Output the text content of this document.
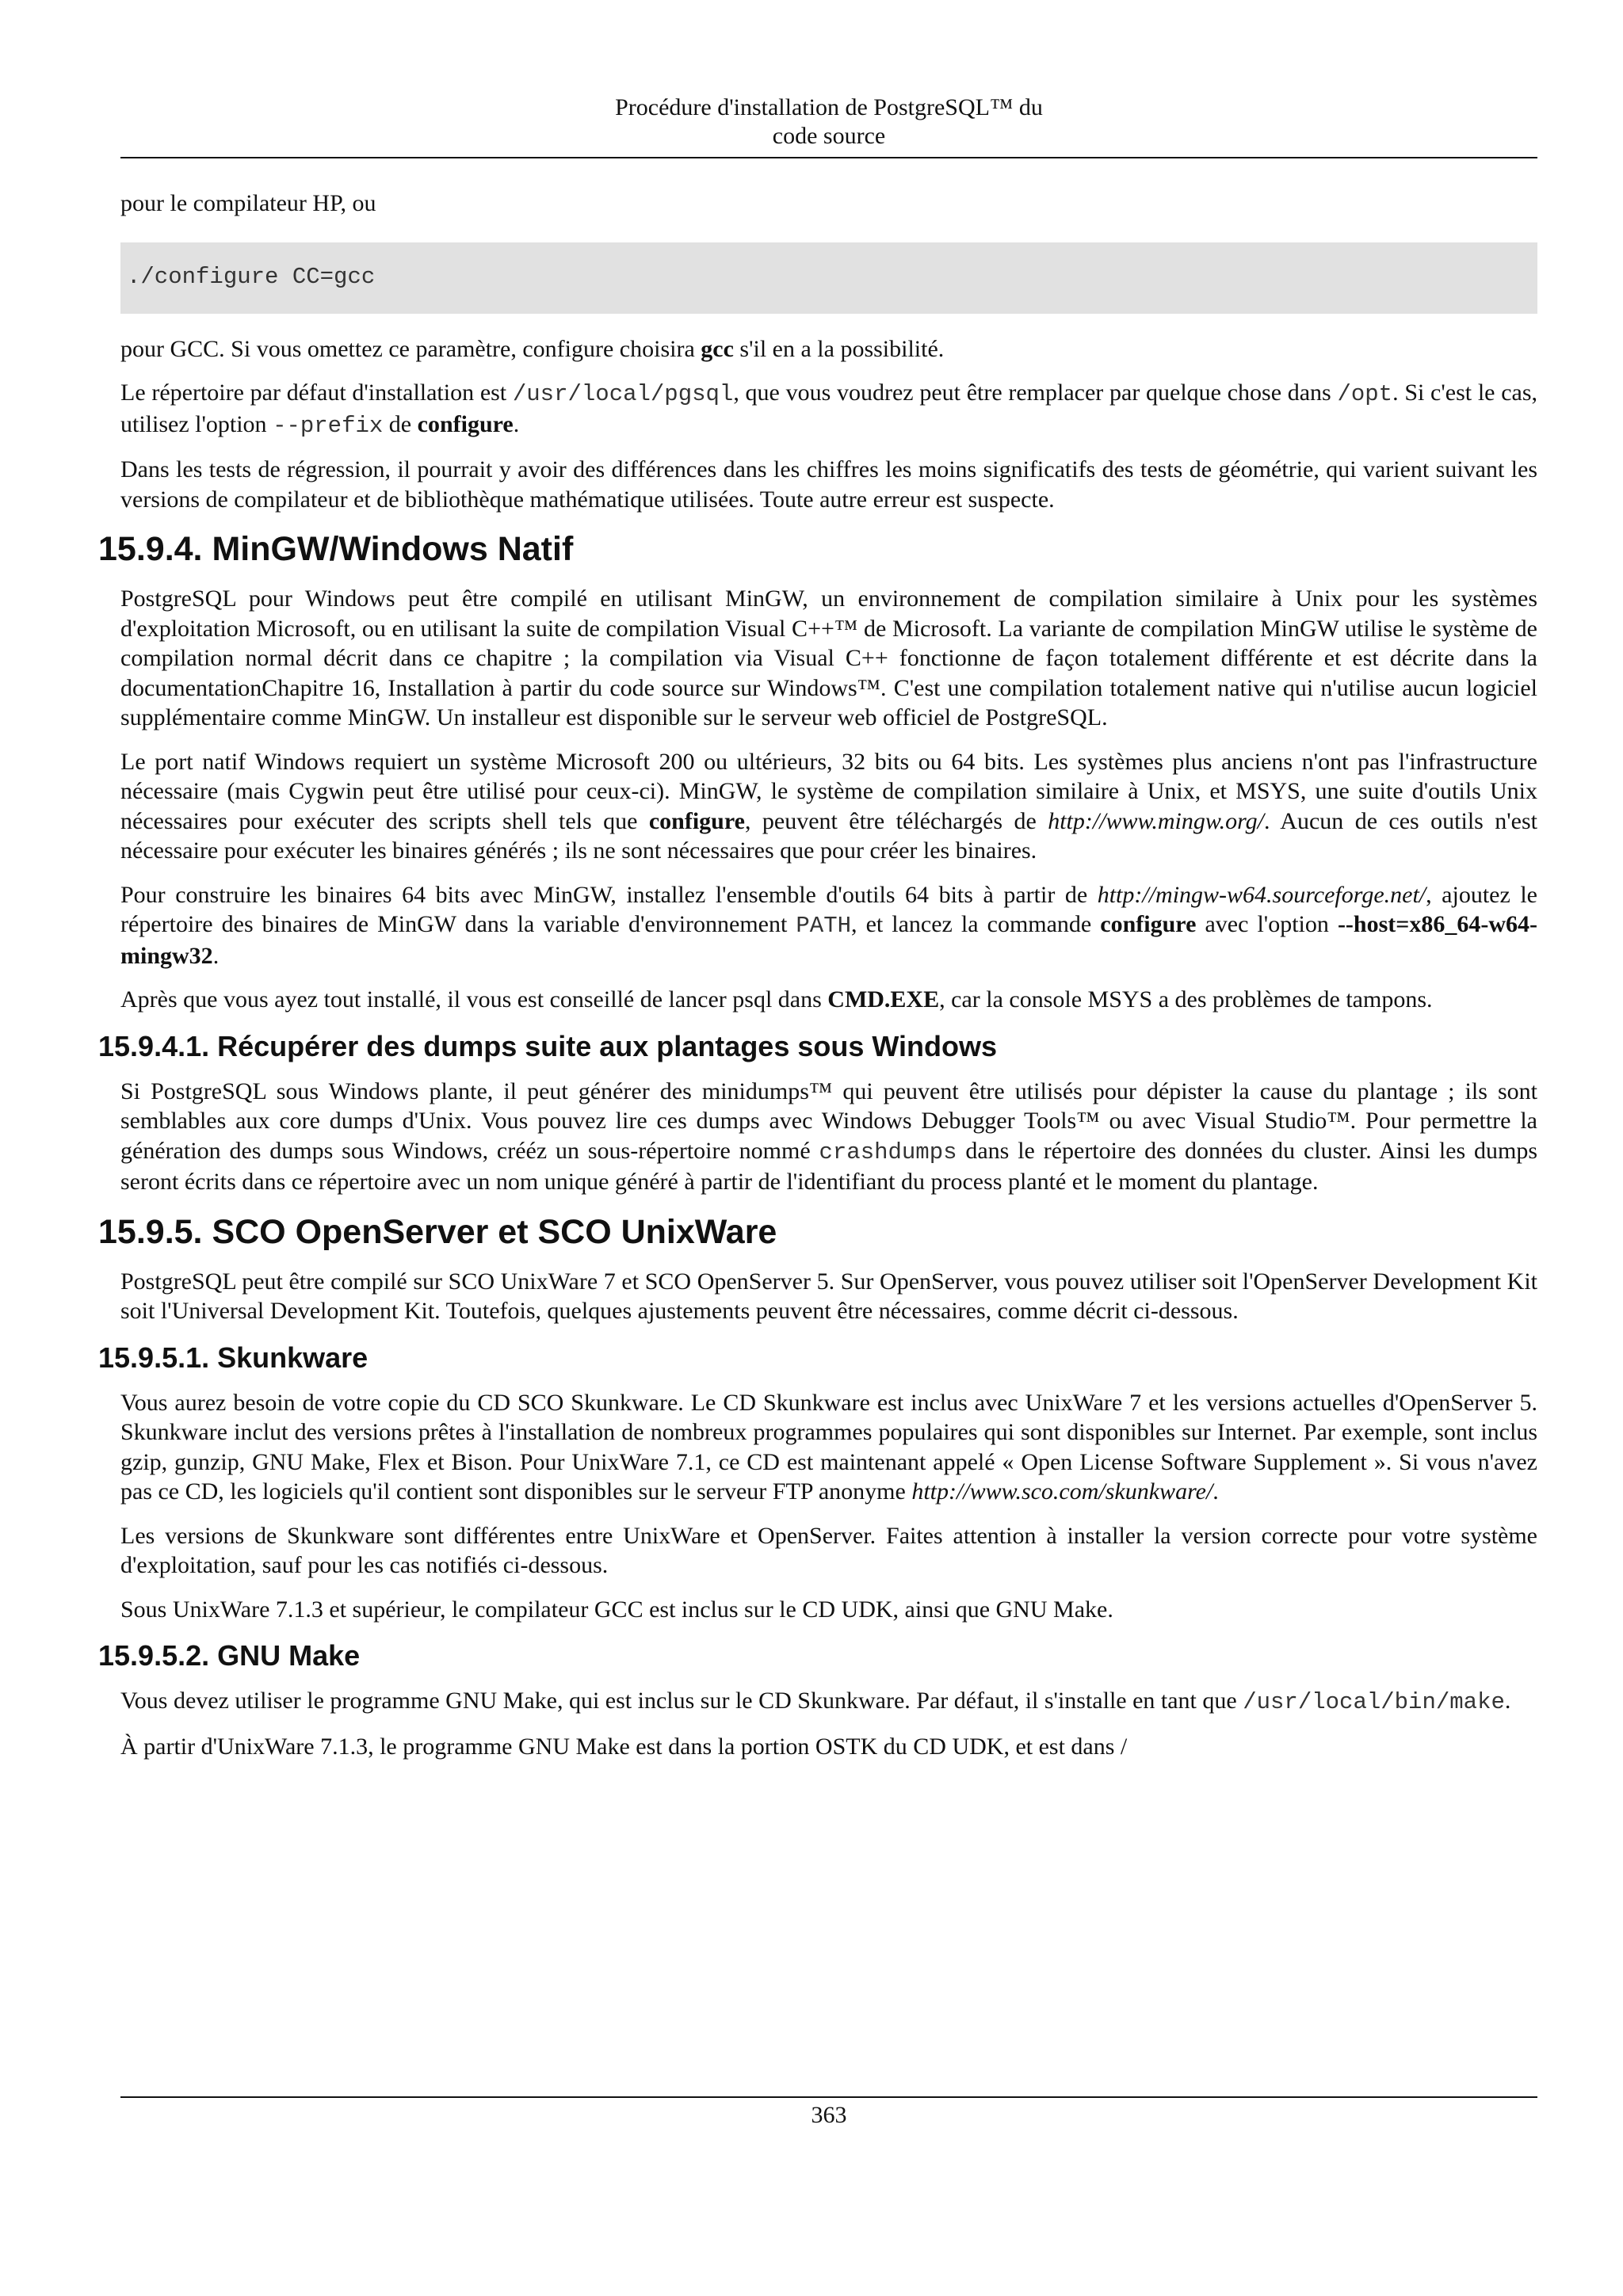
Procédure d'installation de PostgreSQL™ du
code source

pour le compilateur HP, ou

./configure CC=gcc

pour GCC. Si vous omettez ce paramètre, configure choisira gcc s'il en a la possibilité.

Le répertoire par défaut d'installation est /usr/local/pgsql, que vous voudrez peut être remplacer par quelque chose dans /opt. Si c'est le cas, utilisez l'option --prefix de configure.

Dans les tests de régression, il pourrait y avoir des différences dans les chiffres les moins significatifs des tests de géométrie, qui varient suivant les versions de compilateur et de bibliothèque mathématique utilisées. Toute autre erreur est suspecte.

15.9.4. MinGW/Windows Natif

PostgreSQL pour Windows peut être compilé en utilisant MinGW, un environnement de compilation similaire à Unix pour les systèmes d'exploitation Microsoft, ou en utilisant la suite de compilation Visual C++™ de Microsoft. La variante de compilation MinGW utilise le système de compilation normal décrit dans ce chapitre ; la compilation via Visual C++ fonctionne de façon totalement différente et est décrite dans la documentationChapitre 16, Installation à partir du code source sur Windows™. C'est une compilation totalement native qui n'utilise aucun logiciel supplémentaire comme MinGW. Un installeur est disponible sur le serveur web officiel de PostgreSQL.

Le port natif Windows requiert un système Microsoft 200 ou ultérieurs, 32 bits ou 64 bits. Les systèmes plus anciens n'ont pas l'infrastructure nécessaire (mais Cygwin peut être utilisé pour ceux-ci). MinGW, le système de compilation similaire à Unix, et MSYS, une suite d'outils Unix nécessaires pour exécuter des scripts shell tels que configure, peuvent être téléchargés de http://www.mingw.org/. Aucun de ces outils n'est nécessaire pour exécuter les binaires générés ; ils ne sont nécessaires que pour créer les binaires.

Pour construire les binaires 64 bits avec MinGW, installez l'ensemble d'outils 64 bits à partir de http://mingw-w64.sourceforge.net/, ajoutez le répertoire des binaires de MinGW dans la variable d'environnement PATH, et lancez la commande configure avec l'option --host=x86_64-w64-mingw32.

Après que vous ayez tout installé, il vous est conseillé de lancer psql dans CMD.EXE, car la console MSYS a des problèmes de tampons.

15.9.4.1. Récupérer des dumps suite aux plantages sous Windows

Si PostgreSQL sous Windows plante, il peut générer des minidumps™ qui peuvent être utilisés pour dépister la cause du plantage ; ils sont semblables aux core dumps d'Unix. Vous pouvez lire ces dumps avec Windows Debugger Tools™ ou avec Visual Studio™. Pour permettre la génération des dumps sous Windows, crééz un sous-répertoire nommé crashdumps dans le répertoire des données du cluster. Ainsi les dumps seront écrits dans ce répertoire avec un nom unique généré à partir de l'identifiant du process planté et le moment du plantage.

15.9.5. SCO OpenServer et SCO UnixWare

PostgreSQL peut être compilé sur SCO UnixWare 7 et SCO OpenServer 5. Sur OpenServer, vous pouvez utiliser soit l'OpenServer Development Kit soit l'Universal Development Kit. Toutefois, quelques ajustements peuvent être nécessaires, comme décrit ci-dessous.

15.9.5.1. Skunkware

Vous aurez besoin de votre copie du CD SCO Skunkware. Le CD Skunkware est inclus avec UnixWare 7 et les versions actuelles d'OpenServer 5. Skunkware inclut des versions prêtes à l'installation de nombreux programmes populaires qui sont disponibles sur Internet. Par exemple, sont inclus gzip, gunzip, GNU Make, Flex et Bison. Pour UnixWare 7.1, ce CD est maintenant appelé « Open License Software Supplement ». Si vous n'avez pas ce CD, les logiciels qu'il contient sont disponibles sur le serveur FTP anonyme http://www.sco.com/skunkware/.

Les versions de Skunkware sont différentes entre UnixWare et OpenServer. Faites attention à installer la version correcte pour votre système d'exploitation, sauf pour les cas notifiés ci-dessous.

Sous UnixWare 7.1.3 et supérieur, le compilateur GCC est inclus sur le CD UDK, ainsi que GNU Make.

15.9.5.2. GNU Make

Vous devez utiliser le programme GNU Make, qui est inclus sur le CD Skunkware. Par défaut, il s'installe en tant que /usr/local/bin/make.

À partir d'UnixWare 7.1.3, le programme GNU Make est dans la portion OSTK du CD UDK, et est dans /

363
